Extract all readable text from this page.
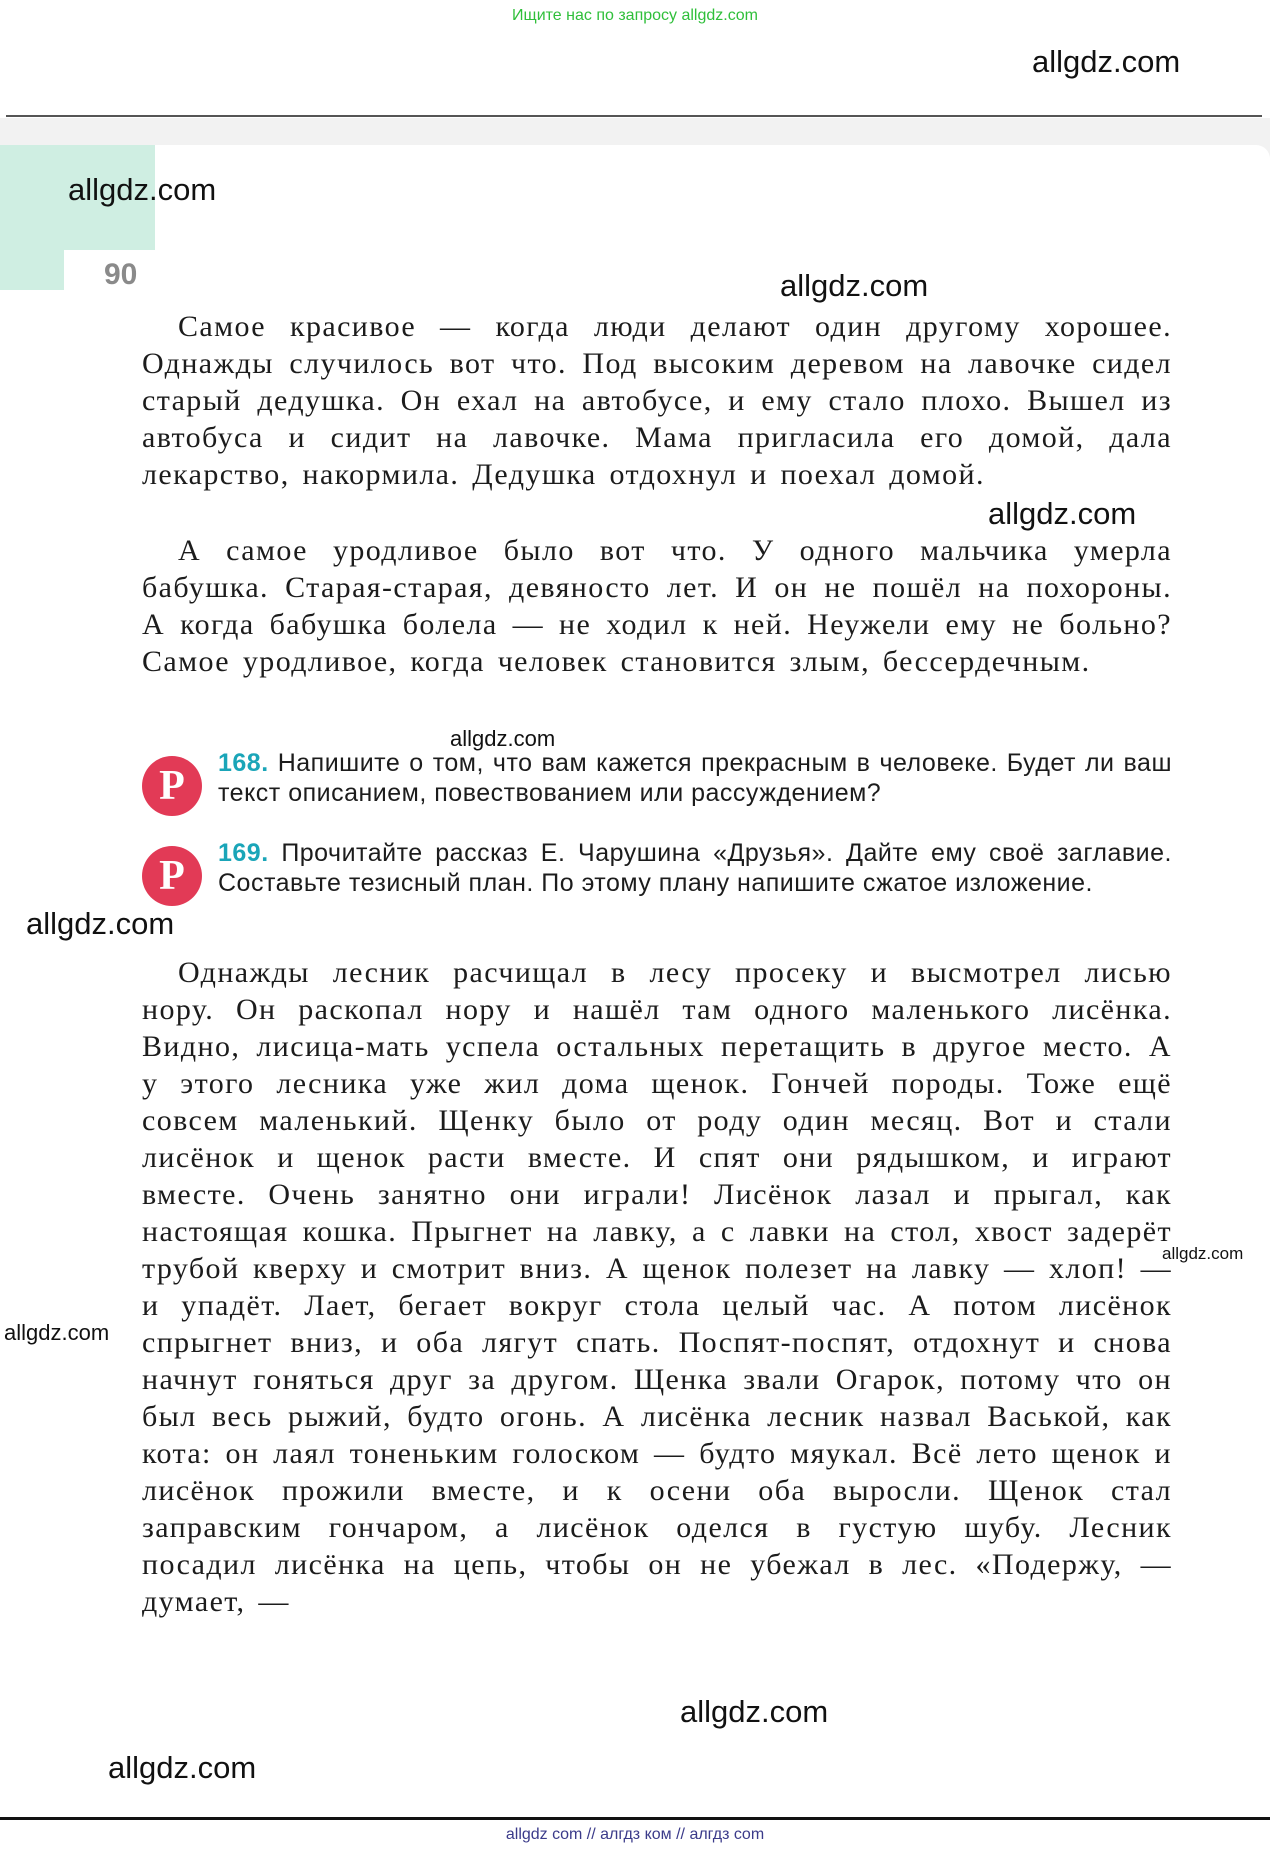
Ищите нас по запросу allgdz.com
allgdz.com
90

Самое красивое — когда люди делают один другому хорошее. Однажды случилось вот что. Под высоким деревом на лавочке сидел старый дедушка. Он ехал на автобусе, и ему стало плохо. Вышел из автобуса и сидит на лавочке. Мама пригласила его домой, дала лекарство, накормила. Дедушка отдохнул и поехал домой.

А самое уродливое было вот что. У одного мальчика умерла бабушка. Старая-старая, девяносто лет. И он не пошёл на похороны. А когда бабушка болела — не ходил к ней. Неужели ему не больно? Самое уродливое, когда человек становится злым, бессердечным.

Р	168. Напишите о том, что вам кажется прекрасным в человеке. Будет ли ваш текст описанием, повествованием или рассуждением?

Р	169. Прочитайте рассказ Е. Чарушина «Друзья». Дайте ему своё заглавие. Составьте тезисный план. По этому плану напишите сжатое изложение.

Однажды лесник расчищал в лесу просеку и высмотрел лисью нору. Он раскопал нору и нашёл там одного маленького лисёнка. Видно, лисица-мать успела остальных перетащить в другое место. А у этого лесника уже жил дома щенок. Гончей породы. Тоже ещё совсем маленький. Щенку было от роду один месяц. Вот и стали лисёнок и щенок расти вместе. И спят они рядышком, и играют вместе. Очень занятно они играли! Лисёнок лазал и прыгал, как настоящая кошка. Прыгнет на лавку, а с лавки на стол, хвост задерёт трубой кверху и смотрит вниз. А щенок полезет на лавку — хлоп! — и упадёт. Лает, бегает вокруг стола целый час. А потом лисёнок спрыгнет вниз, и оба лягут спать. Поспят-поспят, отдохнут и снова начнут гоняться друг за другом. Щенка звали Огарок, потому что он был весь рыжий, будто огонь. А лисёнка лесник назвал Васькой, как кота: он лаял тоненьким голоском — будто мяукал. Всё лето щенок и лисёнок прожили вместе, и к осени оба выросли. Щенок стал заправским гончаром, а лисёнок оделся в густую шубу. Лесник посадил лисёнка на цепь, чтобы он не убежал в лес. «Подержу, — думает, —

allgdz.com
allgdz.com
allgdz.com
allgdz.com
allgdz.com
allgdz.com
allgdz.com
allgdz.com
allgdz.com
allgdz com // алгдз ком // алгдз com
